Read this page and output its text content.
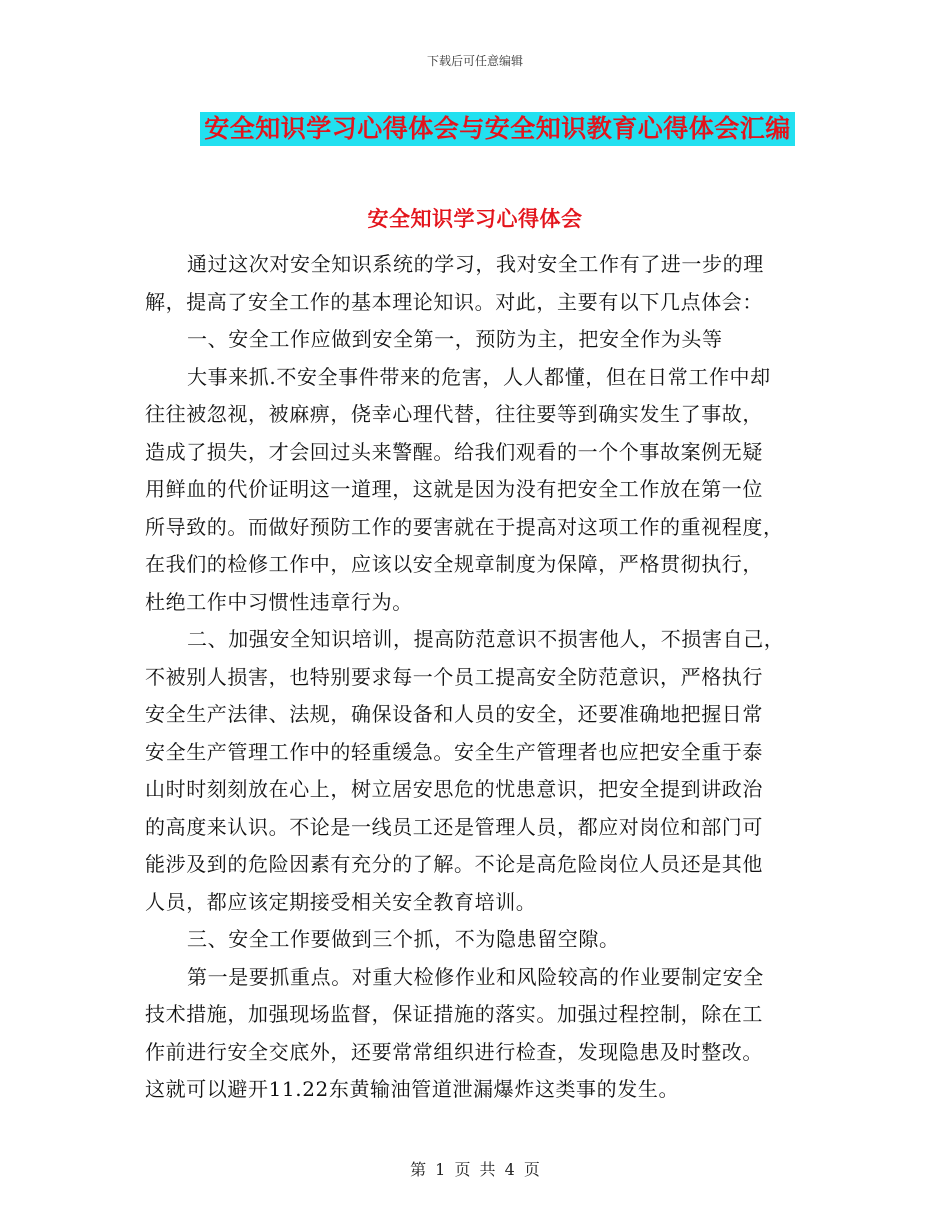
下载后可任意编辑
安全知识学习心得体会与安全知识教育心得体会汇编
安全知识学习心得体会
通过这次对安全知识系统的学习，我对安全工作有了进一步的理
解，提高了安全工作的基本理论知识。对此，主要有以下几点体会：
一、安全工作应做到安全第一，预防为主，把安全作为头等
大事来抓.不安全事件带来的危害，人人都懂，但在日常工作中却
往往被忽视，被麻痹，侥幸心理代替，往往要等到确实发生了事故，
造成了损失，才会回过头来警醒。给我们观看的一个个事故案例无疑
用鲜血的代价证明这一道理，这就是因为没有把安全工作放在第一位
所导致的。而做好预防工作的要害就在于提高对这项工作的重视程度，
在我们的检修工作中，应该以安全规章制度为保障，严格贯彻执行，
杜绝工作中习惯性违章行为。
二、加强安全知识培训，提高防范意识不损害他人，不损害自己，
不被别人损害，也特别要求每一个员工提高安全防范意识，严格执行
安全生产法律、法规，确保设备和人员的安全，还要准确地把握日常
安全生产管理工作中的轻重缓急。安全生产管理者也应把安全重于泰
山时时刻刻放在心上，树立居安思危的忧患意识，把安全提到讲政治
的高度来认识。不论是一线员工还是管理人员，都应对岗位和部门可
能涉及到的危险因素有充分的了解。不论是高危险岗位人员还是其他
人员，都应该定期接受相关安全教育培训。
三、安全工作要做到三个抓，不为隐患留空隙。
第一是要抓重点。对重大检修作业和风险较高的作业要制定安全
技术措施，加强现场监督，保证措施的落实。加强过程控制，除在工
作前进行安全交底外，还要常常组织进行检查，发现隐患及时整改。
这就可以避开11.22东黄输油管道泄漏爆炸这类事的发生。
第 1 页 共 4 页
